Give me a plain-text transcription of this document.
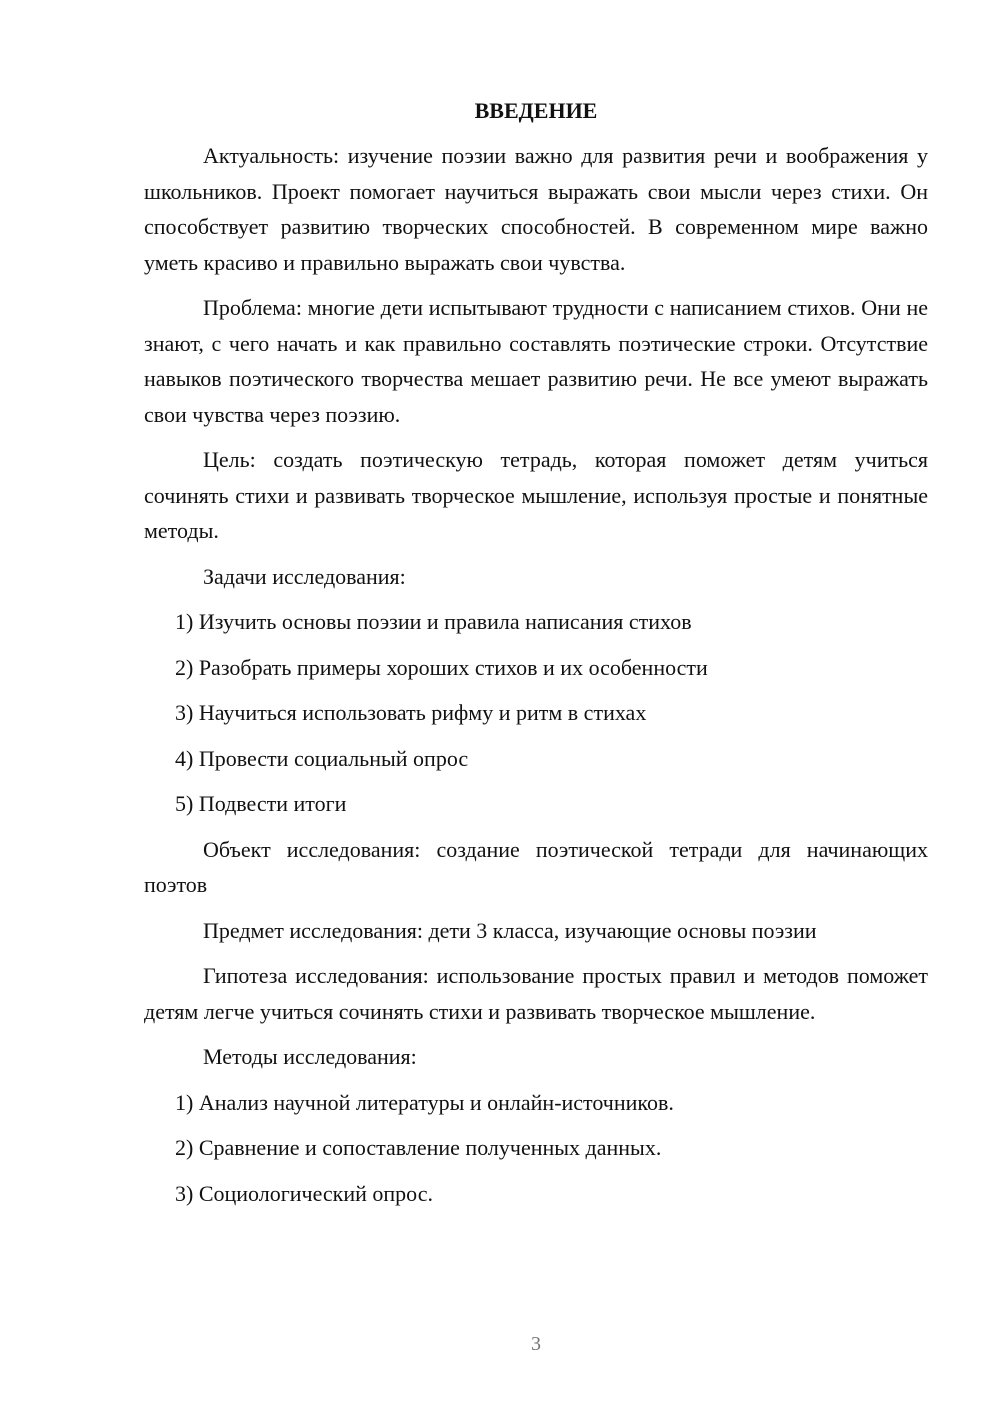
ВВЕДЕНИЕ

Актуальность: изучение поэзии важно для развития речи и воображения у школьников. Проект помогает научиться выражать свои мысли через стихи. Он способствует развитию творческих способностей. В современном мире важно уметь красиво и правильно выражать свои чувства.

Проблема: многие дети испытывают трудности с написанием стихов. Они не знают, с чего начать и как правильно составлять поэтические строки. Отсутствие навыков поэтического творчества мешает развитию речи. Не все умеют выражать свои чувства через поэзию.

Цель: создать поэтическую тетрадь, которая поможет детям учиться сочинять стихи и развивать творческое мышление, используя простые и понятные методы.

Задачи исследования:

1) Изучить основы поэзии и правила написания стихов
2) Разобрать примеры хороших стихов и их особенности
3) Научиться использовать рифму и ритм в стихах
4) Провести социальный опрос
5) Подвести итоги

Объект исследования: создание поэтической тетради для начинающих поэтов

Предмет исследования: дети 3 класса, изучающие основы поэзии

Гипотеза исследования: использование простых правил и методов поможет детям легче учиться сочинять стихи и развивать творческое мышление.

Методы исследования:

1) Анализ научной литературы и онлайн-источников.
2) Сравнение и сопоставление полученных данных.
3) Социологический опрос.
3
